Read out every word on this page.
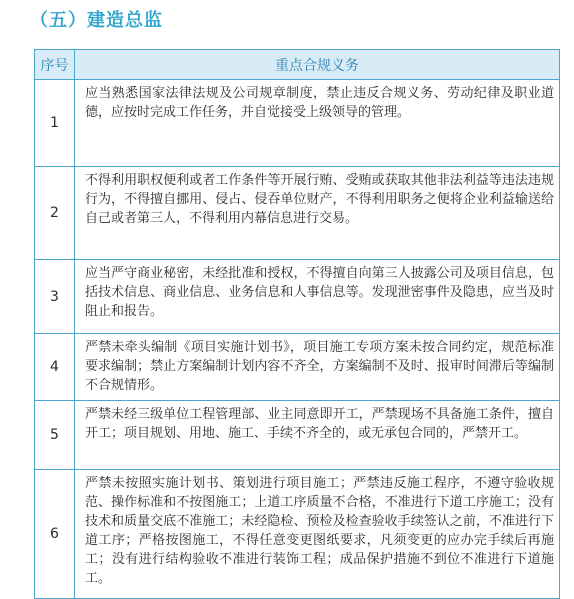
（五）建造总监
序号	重点合规义务
1	应当熟悉国家法律法规及公司规章制度，禁止违反合规义务、劳动纪律及职业道德，应按时完成工作任务，并自觉接受上级领导的管理。
2	不得利用职权便利或者工作条件等开展行贿、受贿或获取其他非法利益等违法违规行为，不得擅自挪用、侵占、侵吞单位财产，不得利用职务之便将企业利益输送给自己或者第三人，不得利用内幕信息进行交易。
3	应当严守商业秘密，未经批准和授权，不得擅自向第三人披露公司及项目信息，包括技术信息、商业信息、业务信息和人事信息等。发现泄密事件及隐患，应当及时阻止和报告。
4	严禁未牵头编制《项目实施计划书》，项目施工专项方案未按合同约定，规范标准要求编制；禁止方案编制计划内容不齐全，方案编制不及时、报审时间滞后等编制不合规情形。
5	严禁未经三级单位工程管理部、业主同意即开工，严禁现场不具备施工条件，擅自开工；项目规划、用地、施工、手续不齐全的，或无承包合同的，严禁开工。
6	严禁未按照实施计划书、策划进行项目施工；严禁违反施工程序，不遵守验收规范、操作标准和不按图施工；上道工序质量不合格，不准进行下道工序施工；没有技术和质量交底不准施工；未经隐检、预检及检查验收手续签认之前，不准进行下道工序；严格按图施工，不得任意变更图纸要求，凡须变更的应办完手续后再施工；没有进行结构验收不准进行装饰工程；成品保护措施不到位不准进行下道施工。
